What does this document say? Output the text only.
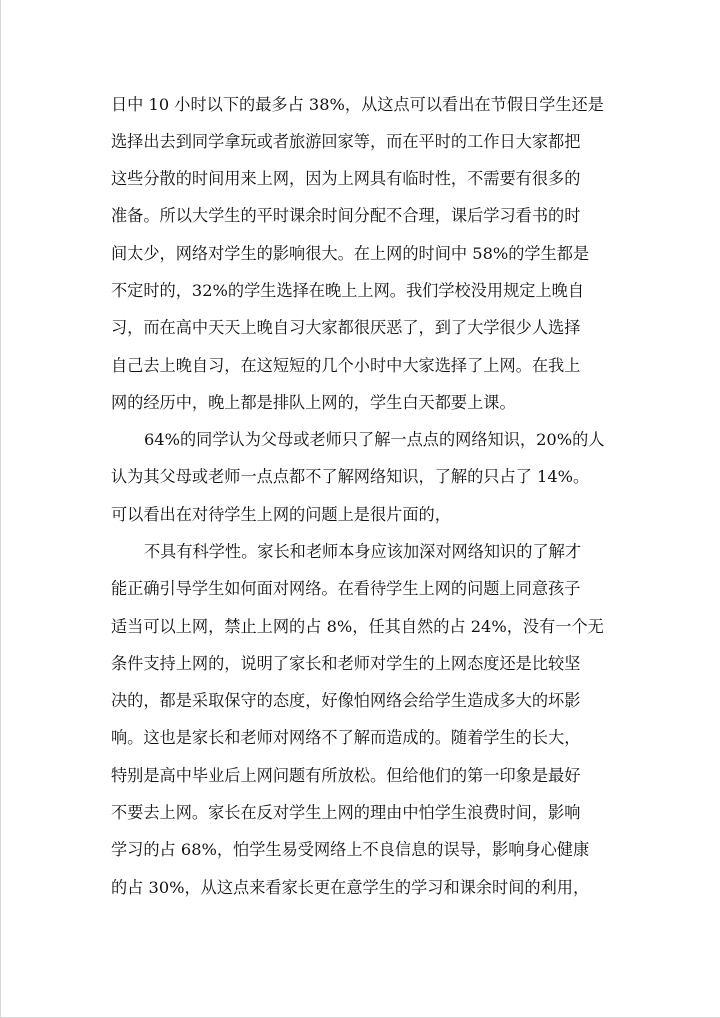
日中 10 小时以下的最多占 38%，从这点可以看出在节假日学生还是
选择出去到同学拿玩或者旅游回家等，而在平时的工作日大家都把
这些分散的时间用来上网，因为上网具有临时性，不需要有很多的
准备。所以大学生的平时课余时间分配不合理，课后学习看书的时
间太少，网络对学生的影响很大。在上网的时间中 58%的学生都是
不定时的，32%的学生选择在晚上上网。我们学校没用规定上晚自
习，而在高中天天上晚自习大家都很厌恶了，到了大学很少人选择
自己去上晚自习，在这短短的几个小时中大家选择了上网。在我上
网的经历中，晚上都是排队上网的，学生白天都要上课。
64%的同学认为父母或老师只了解一点点的网络知识，20%的人
认为其父母或老师一点点都不了解网络知识，了解的只占了 14%。
可以看出在对待学生上网的问题上是很片面的，
不具有科学性。家长和老师本身应该加深对网络知识的了解才
能正确引导学生如何面对网络。在看待学生上网的问题上同意孩子
适当可以上网，禁止上网的占 8%，任其自然的占 24%，没有一个无
条件支持上网的，说明了家长和老师对学生的上网态度还是比较坚
决的，都是采取保守的态度，好像怕网络会给学生造成多大的坏影
响。这也是家长和老师对网络不了解而造成的。随着学生的长大，
特别是高中毕业后上网问题有所放松。但给他们的第一印象是最好
不要去上网。家长在反对学生上网的理由中怕学生浪费时间，影响
学习的占 68%，怕学生易受网络上不良信息的误导，影响身心健康
的占 30%，从这点来看家长更在意学生的学习和课余时间的利用，
